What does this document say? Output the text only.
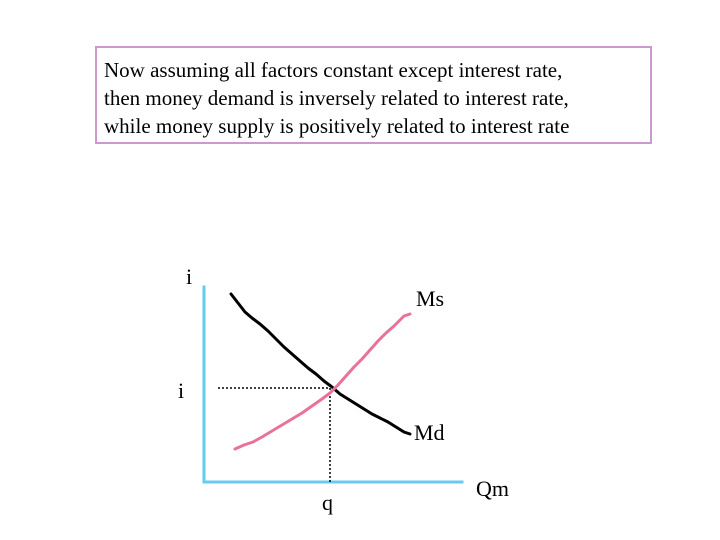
Now assuming all factors constant except interest rate,
then money demand is inversely related to interest rate,
while money supply is positively related to interest rate
i
Ms
i
Md
q
Qm
